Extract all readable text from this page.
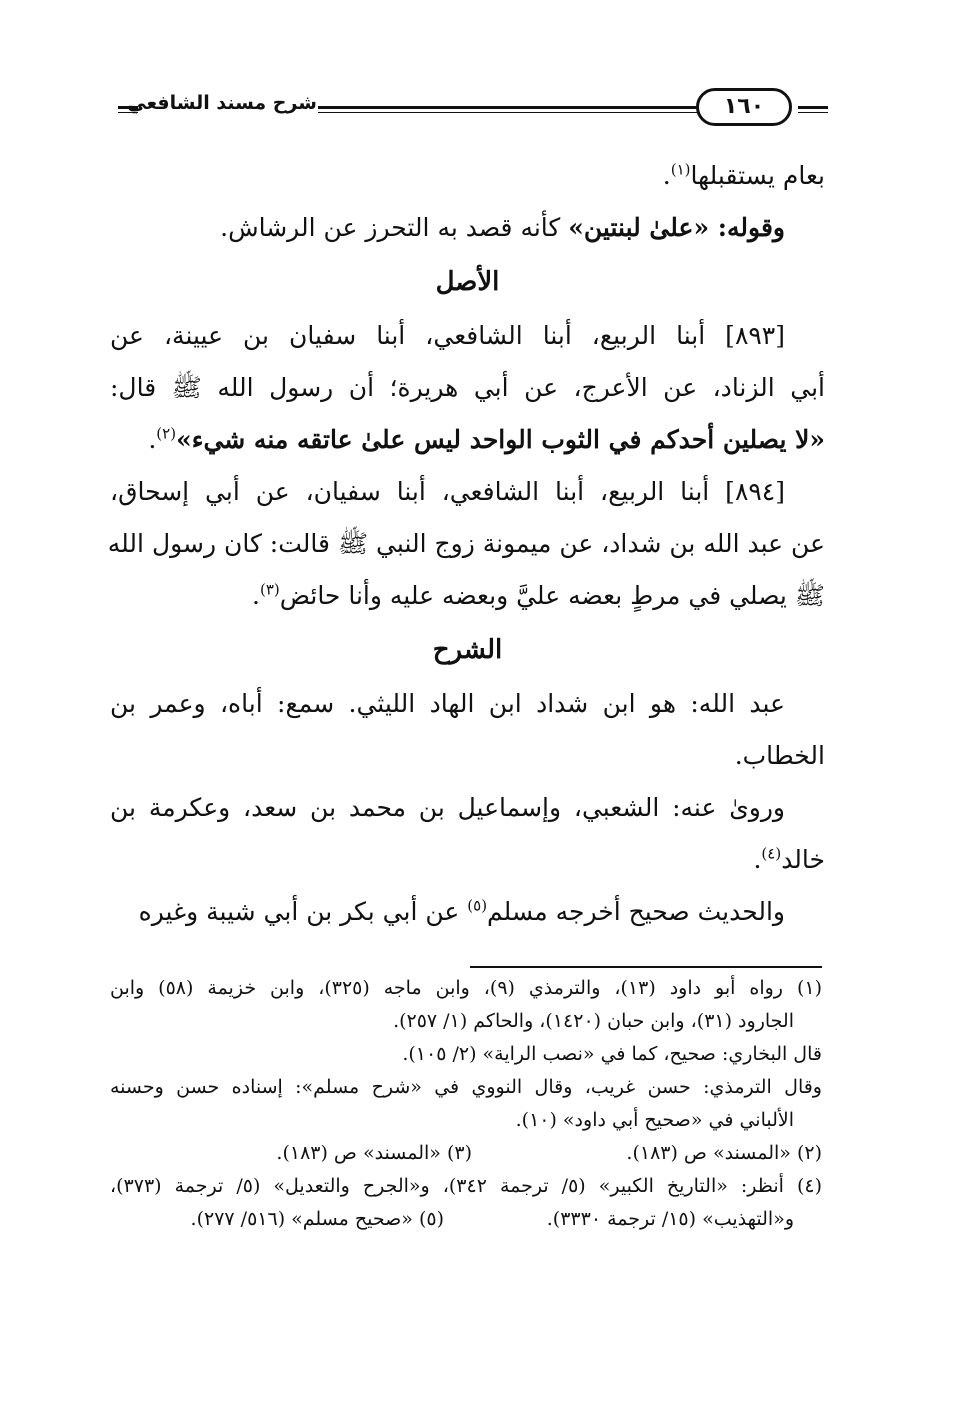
شرح مسند الشافعي	١٦٠
بعام يستقبلها$^{(١)}$.
وقوله: «علىٰ لبنتين» كأنه قصد به التحرز عن الرشاش.
الأصل
[٨٩٣] أبنا الربيع، أبنا الشافعي، أبنا سفيان بن عيينة، عن
أبي الزناد، عن الأعرج، عن أبي هريرة؛ أن رسول الله ﷺ قال:
«لا يصلين أحدكم في الثوب الواحد ليس علىٰ عاتقه منه شيء»$^{(٢)}$.
[٨٩٤] أبنا الربيع، أبنا الشافعي، أبنا سفيان، عن أبي إسحاق،
عن عبد الله بن شداد، عن ميمونة زوج النبي ﷺ قالت: كان رسول الله
ﷺ يصلي في مرطٍ بعضه عليَّ وبعضه عليه وأنا حائض$^{(٣)}$.
الشرح
عبد الله: هو ابن شداد ابن الهاد الليثي. سمع: أباه، وعمر بن
الخطاب.
وروىٰ عنه: الشعبي، وإسماعيل بن محمد بن سعد، وعكرمة بن
خالد$^{(٤)}$.
والحديث صحيح أخرجه مسلم$^{(٥)}$ عن أبي بكر بن أبي شيبة وغيره
(١) رواه أبو داود (١٣)، والترمذي (٩)، وابن ماجه (٣٢٥)، وابن خزيمة (٥٨) وابن
الجارود (٣١)، وابن حبان (١٤٢٠)، والحاكم (١/ ٢٥٧).
قال البخاري: صحيح، كما في «نصب الراية» (٢/ ١٠٥).
وقال الترمذي: حسن غريب، وقال النووي في «شرح مسلم»: إسناده حسن وحسنه
الألباني في «صحيح أبي داود» (١٠).
(٢) «المسند» ص (١٨٣).
(٣) «المسند» ص (١٨٣).
(٤) أنظر: «التاريخ الكبير» (٥/ ترجمة ٣٤٢)، و«الجرح والتعديل» (٥/ ترجمة (٣٧٣)،
و«التهذيب» (١٥/ ترجمة ٣٣٣٠).
(٥) «صحيح مسلم» (٥١٦/ ٢٧٧).
